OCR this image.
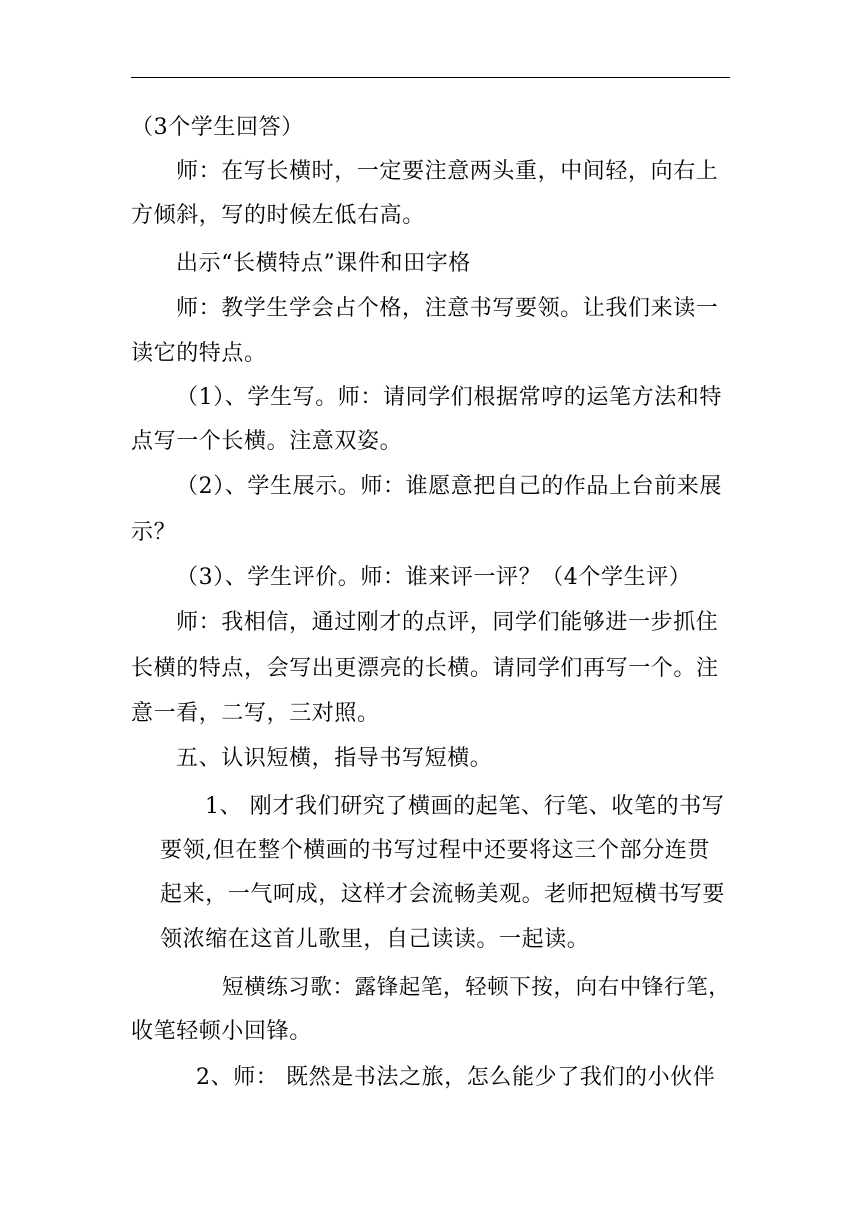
（3个学生回答）
师：在写长横时，一定要注意两头重，中间轻，向右上
方倾斜，写的时候左低右高。
出示“长横特点”课件和田字格
师：教学生学会占个格，注意书写要领。让我们来读一
读它的特点。
（1）、学生写。师：请同学们根据常哼的运笔方法和特
点写一个长横。注意双姿。
（2）、学生展示。师：谁愿意把自己的作品上台前来展
示？
（3）、学生评价。师：谁来评一评？（4个学生评）
师：我相信，通过刚才的点评，同学们能够进一步抓住
长横的特点，会写出更漂亮的长横。请同学们再写一个。注
意一看，二写，三对照。
五、认识短横，指导书写短横。
1、 刚才我们研究了横画的起笔、行笔、收笔的书写
要领,但在整个横画的书写过程中还要将这三个部分连贯
起来，一气呵成，这样才会流畅美观。老师把短横书写要
领浓缩在这首儿歌里，自己读读。一起读。
短横练习歌：露锋起笔，轻顿下按，向右中锋行笔，
收笔轻顿小回锋。
2、师： 既然是书法之旅，怎么能少了我们的小伙伴
